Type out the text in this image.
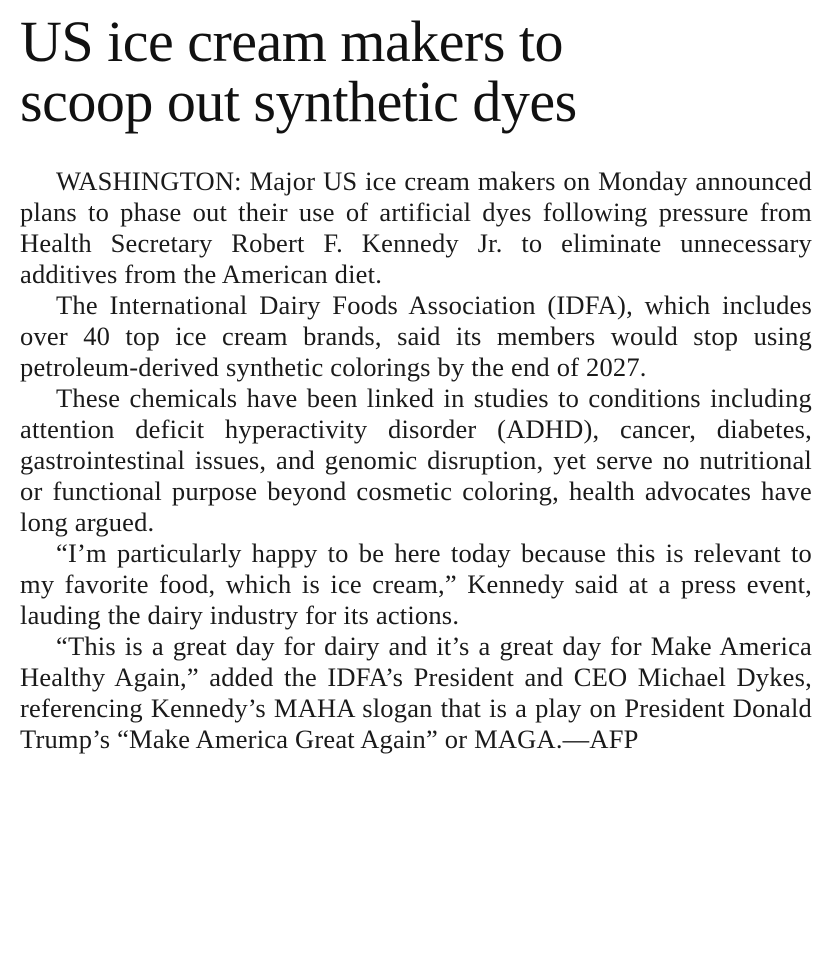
US ice cream makers to
scoop out synthetic dyes

WASHINGTON: Major US ice cream makers on Monday announced plans to phase out their use of artificial dyes following pressure from Health Secretary Robert F. Kennedy Jr. to eliminate unnecessary additives from the American diet.

The International Dairy Foods Association (IDFA), which includes over 40 top ice cream brands, said its members would stop using petroleum-derived synthetic colorings by the end of 2027.

These chemicals have been linked in studies to conditions including attention deficit hyperactivity disorder (ADHD), cancer, diabetes, gastrointestinal issues, and genomic disruption, yet serve no nutritional or functional purpose beyond cosmetic coloring, health advocates have long argued.

“I’m particularly happy to be here today because this is relevant to my favorite food, which is ice cream,” Kennedy said at a press event, lauding the dairy industry for its actions.

“This is a great day for dairy and it’s a great day for Make America Healthy Again,” added the IDFA’s President and CEO Michael Dykes, referencing Kennedy’s MAHA slogan that is a play on President Donald Trump’s “Make America Great Again” or MAGA.—AFP
